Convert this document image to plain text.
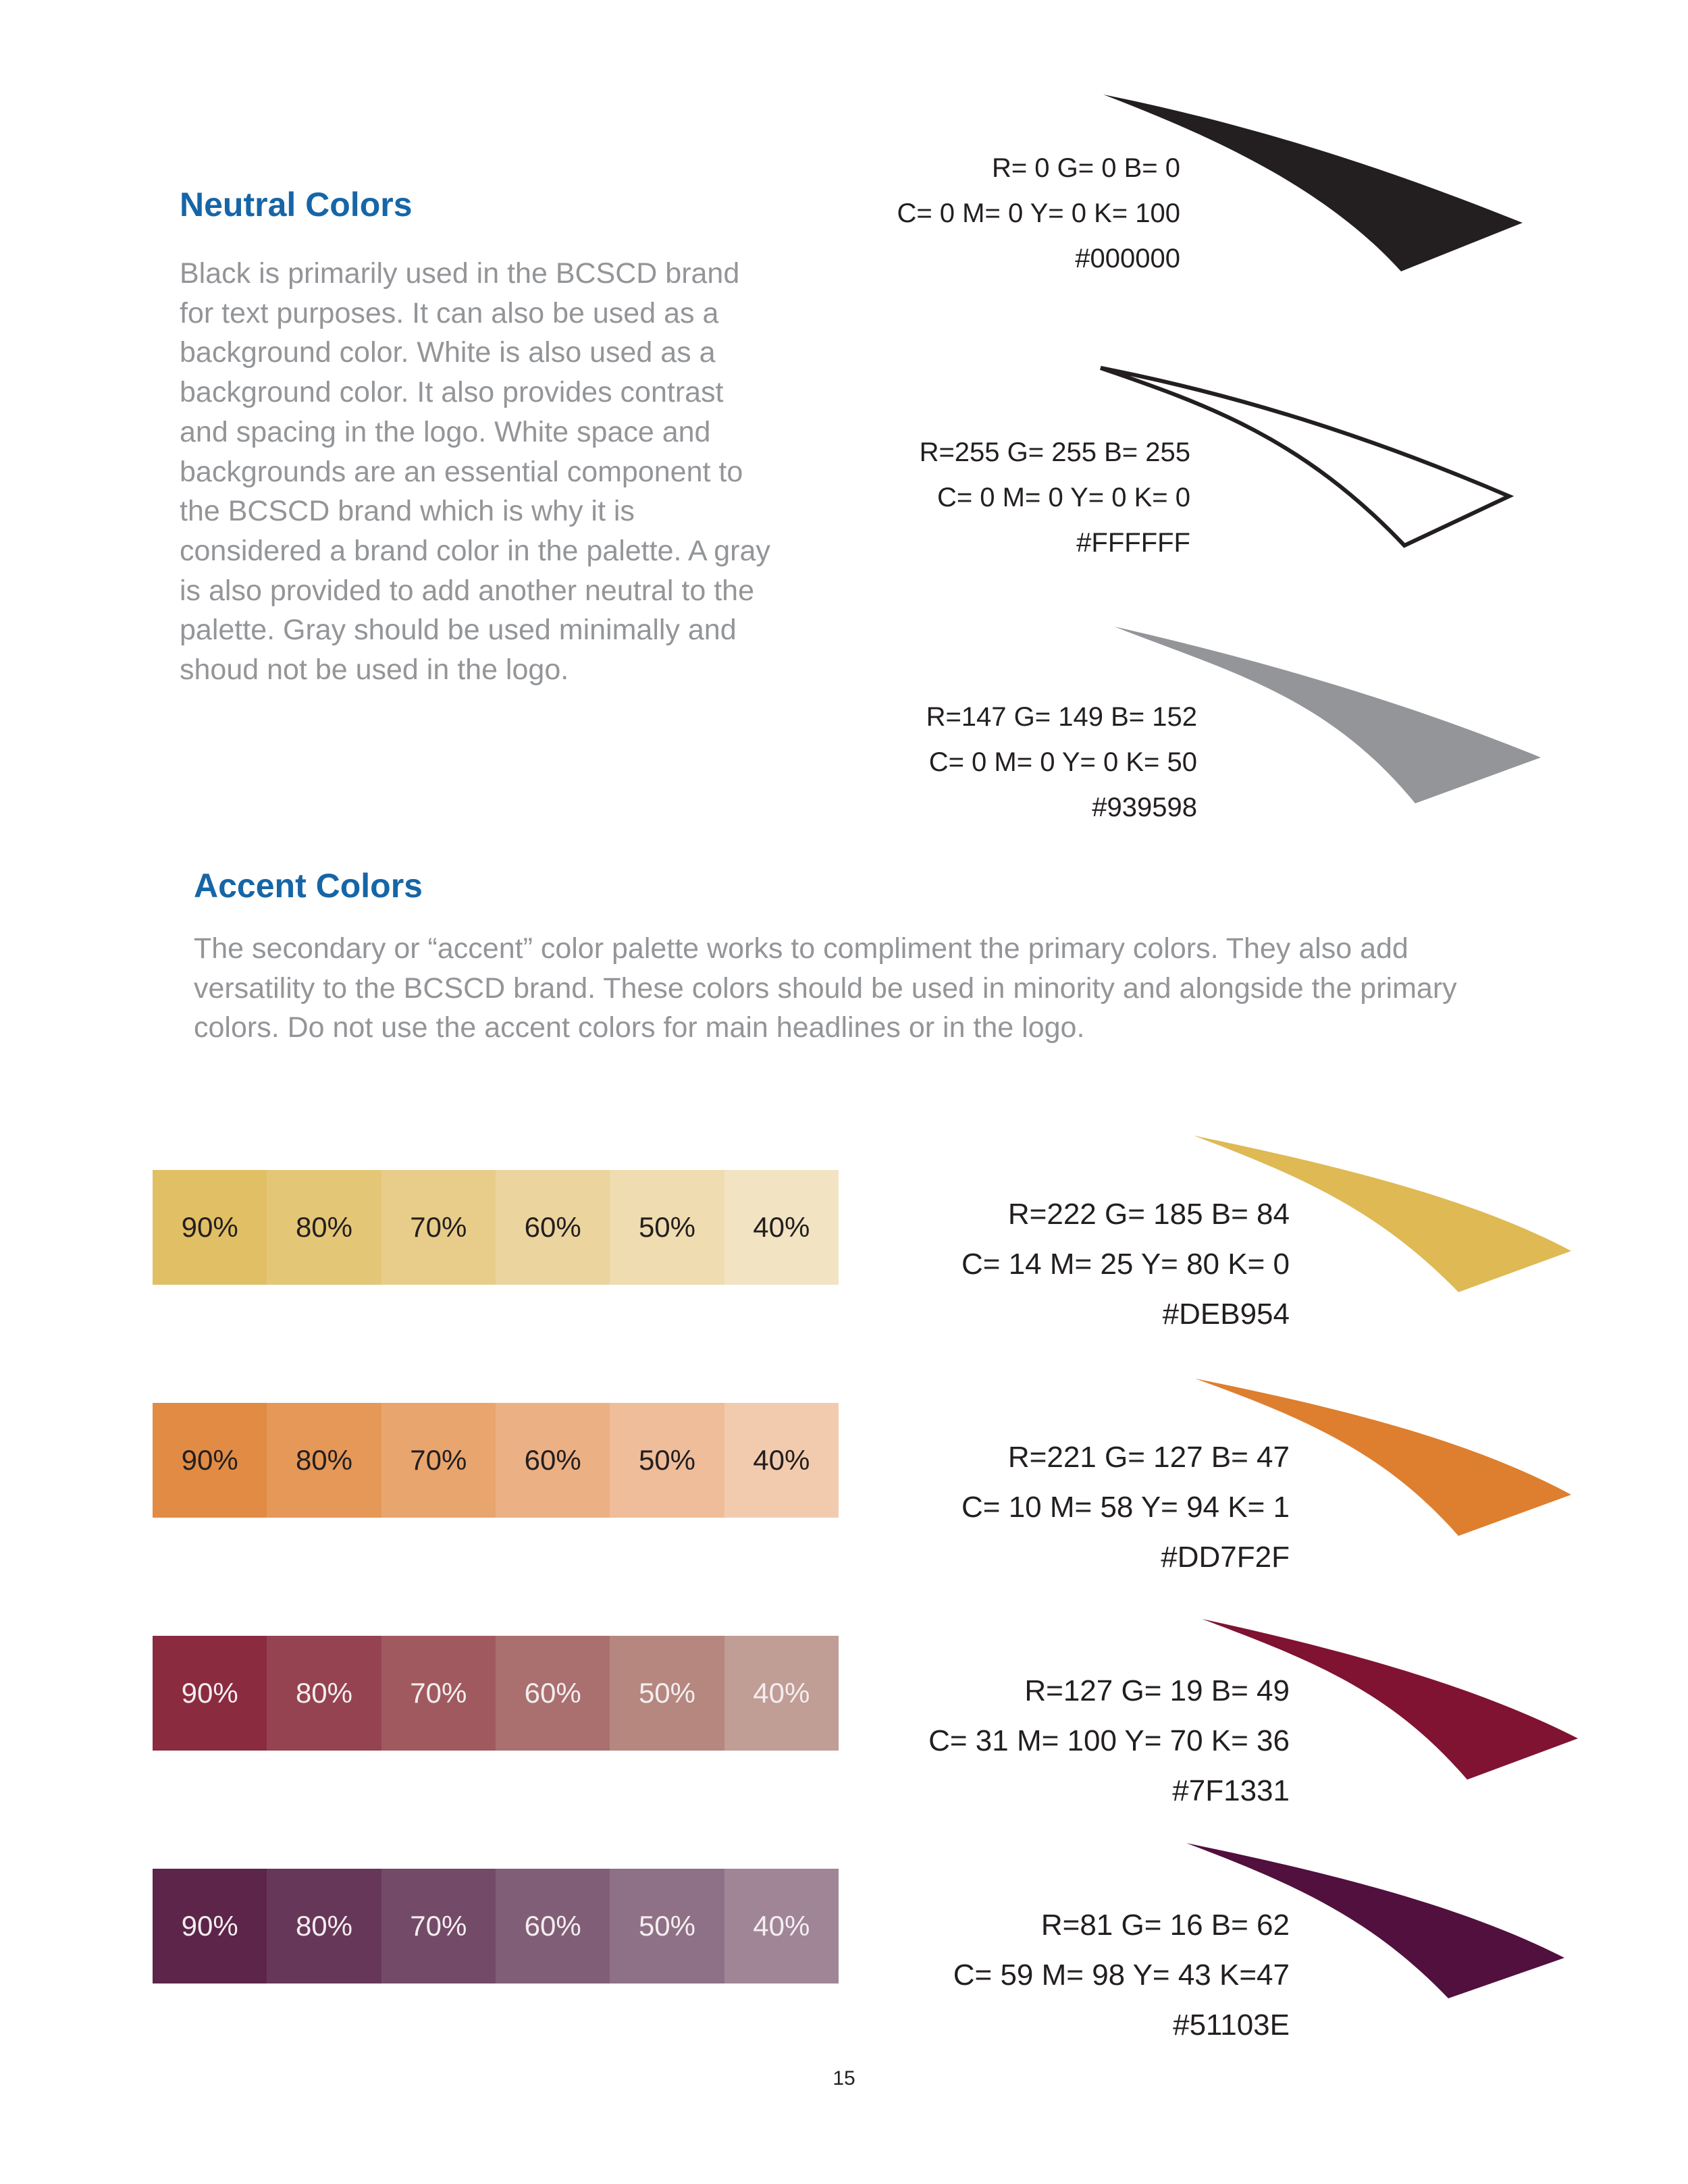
Neutral Colors
Black is primarily used in the BCSCD brand for text purposes. It can also be used as a background color. White is also used as a background color. It also provides contrast and spacing in the logo. White space and backgrounds are an essential component to the BCSCD brand which is why it is considered a brand color in the palette. A gray is also provided to add another neutral to the palette. Gray should be used minimally and shoud not be used in the logo.
R= 0 G= 0 B= 0
C= 0 M= 0 Y= 0 K= 100
#000000
R=255 G= 255 B= 255
C= 0 M= 0 Y= 0 K= 0
#FFFFFF
R=147 G= 149 B= 152
C= 0 M= 0 Y= 0 K= 50
#939598
Accent Colors
The secondary or “accent” color palette works to compliment the primary colors. They also add versatility to the BCSCD brand. These colors should be used in minority and alongside the primary colors. Do not use the accent colors for main headlines or in the logo.
90%	80%	70%	60%	50%	40%	R=222 G= 185 B= 84
C= 14 M= 25 Y= 80 K= 0
#DEB954
90%	80%	70%	60%	50%	40%	R=221 G= 127 B= 47
C= 10 M= 58 Y= 94 K= 1
#DD7F2F
90%	80%	70%	60%	50%	40%	R=127 G= 19 B= 49
C= 31 M= 100 Y= 70 K= 36
#7F1331
90%	80%	70%	60%	50%	40%	R=81 G= 16 B= 62
C= 59 M= 98 Y= 43 K=47
#51103E
15
